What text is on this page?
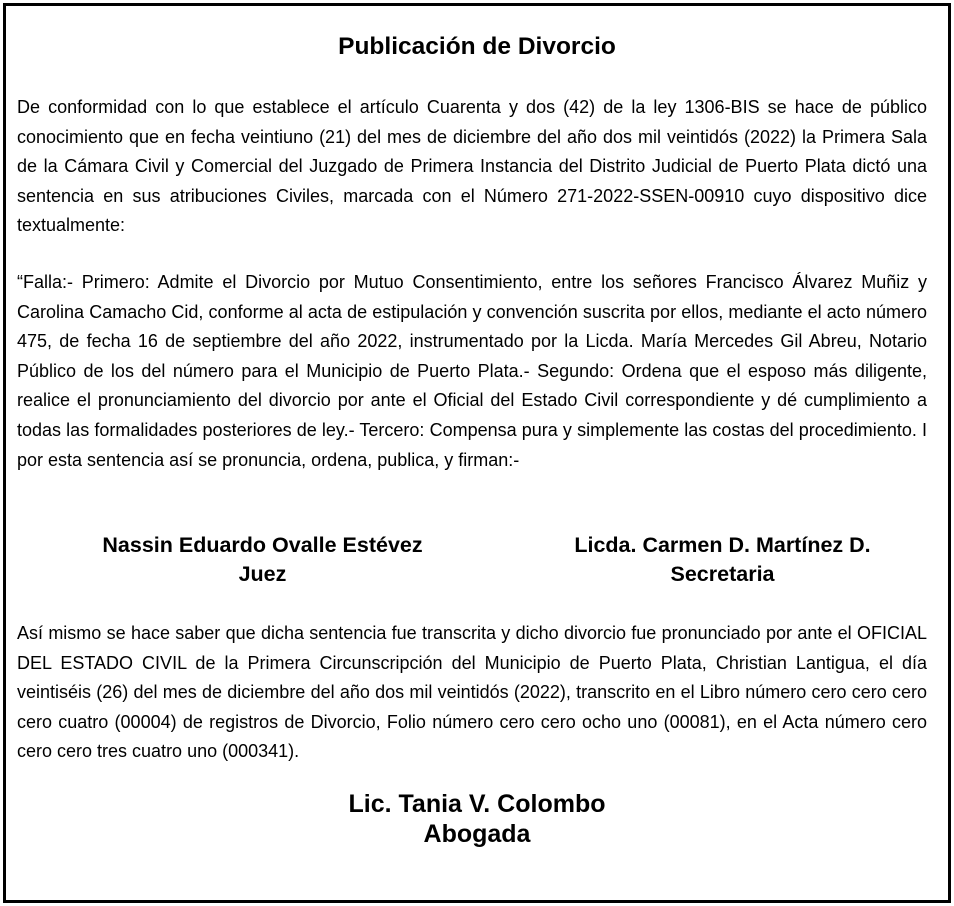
Publicación de Divorcio
De conformidad con lo que establece el artículo Cuarenta y dos (42) de la ley 1306-BIS se hace de público conocimiento que en fecha veintiuno (21) del mes de diciembre del año dos mil veintidós (2022) la Primera Sala de la Cámara Civil y Comercial del Juzgado de Primera Instancia del Distrito Judicial de Puerto Plata dictó una sentencia en sus atribuciones Civiles, marcada con el Número 271-2022-SSEN-00910 cuyo dispositivo dice textualmente:
“Falla:- Primero: Admite el Divorcio por Mutuo Consentimiento, entre los señores Francisco Álvarez Muñiz y Carolina Camacho Cid, conforme al acta de estipulación y convención suscrita por ellos, mediante el acto número 475, de fecha 16 de septiembre del año 2022, instrumentado por la Licda. María Mercedes Gil Abreu, Notario Público de los del número para el Municipio de Puerto Plata.- Segundo: Ordena que el esposo más diligente, realice el pronunciamiento del divorcio por ante el Oficial del Estado Civil correspondiente y dé cumplimiento a todas las formalidades posteriores de ley.- Tercero: Compensa pura y simplemente las costas del procedimiento. I por esta sentencia así se pronuncia, ordena, publica, y firman:-
Nassin Eduardo Ovalle Estévez
Juez
Licda. Carmen D. Martínez D.
Secretaria
Así mismo se hace saber que dicha sentencia fue transcrita y dicho divorcio fue pronunciado por ante el OFICIAL DEL ESTADO CIVIL de la Primera Circunscripción del Municipio de Puerto Plata, Christian Lantigua, el día veintiséis (26) del mes de diciembre del año dos mil veintidós (2022), transcrito en el Libro número cero cero cero cero cuatro (00004) de registros de Divorcio, Folio número cero cero ocho uno (00081), en el Acta número cero cero cero tres cuatro uno (000341).
Lic. Tania V. Colombo
Abogada
